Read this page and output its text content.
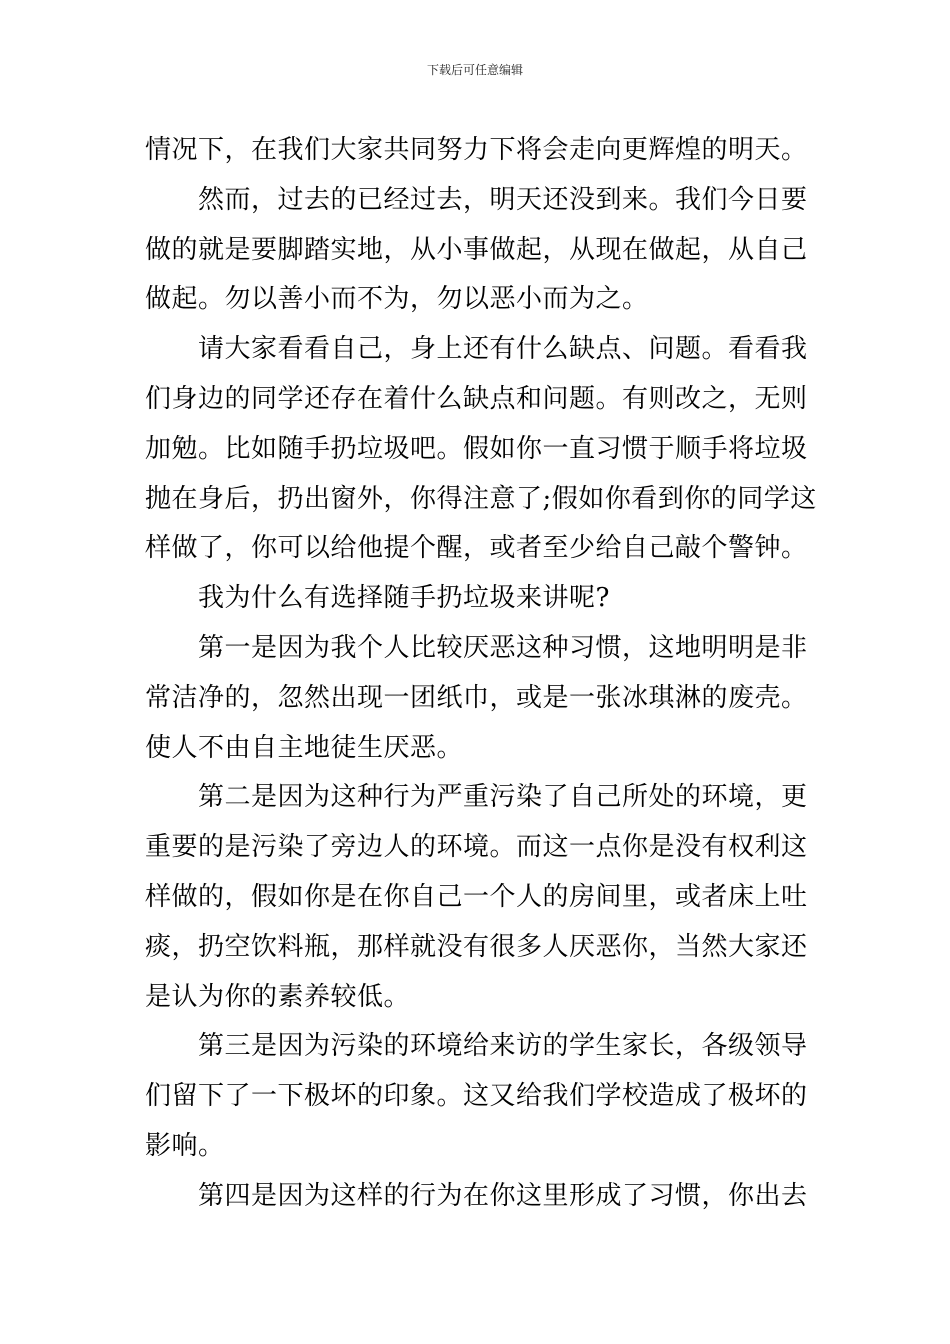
下载后可任意编辑
情况下，在我们大家共同努力下将会走向更辉煌的明天。
然而，过去的已经过去，明天还没到来。我们今日要
做的就是要脚踏实地，从小事做起，从现在做起，从自己
做起。勿以善小而不为，勿以恶小而为之。
请大家看看自己，身上还有什么缺点、问题。看看我
们身边的同学还存在着什么缺点和问题。有则改之，无则
加勉。比如随手扔垃圾吧。假如你一直习惯于顺手将垃圾
抛在身后，扔出窗外，你得注意了;假如你看到你的同学这
样做了，你可以给他提个醒，或者至少给自己敲个警钟。
我为什么有选择随手扔垃圾来讲呢?
第一是因为我个人比较厌恶这种习惯，这地明明是非
常洁净的，忽然出现一团纸巾，或是一张冰琪淋的废壳。
使人不由自主地徒生厌恶。
第二是因为这种行为严重污染了自己所处的环境，更
重要的是污染了旁边人的环境。而这一点你是没有权利这
样做的，假如你是在你自己一个人的房间里，或者床上吐
痰，扔空饮料瓶，那样就没有很多人厌恶你，当然大家还
是认为你的素养较低。
第三是因为污染的环境给来访的学生家长，各级领导
们留下了一下极坏的印象。这又给我们学校造成了极坏的
影响。
第四是因为这样的行为在你这里形成了习惯，你出去
